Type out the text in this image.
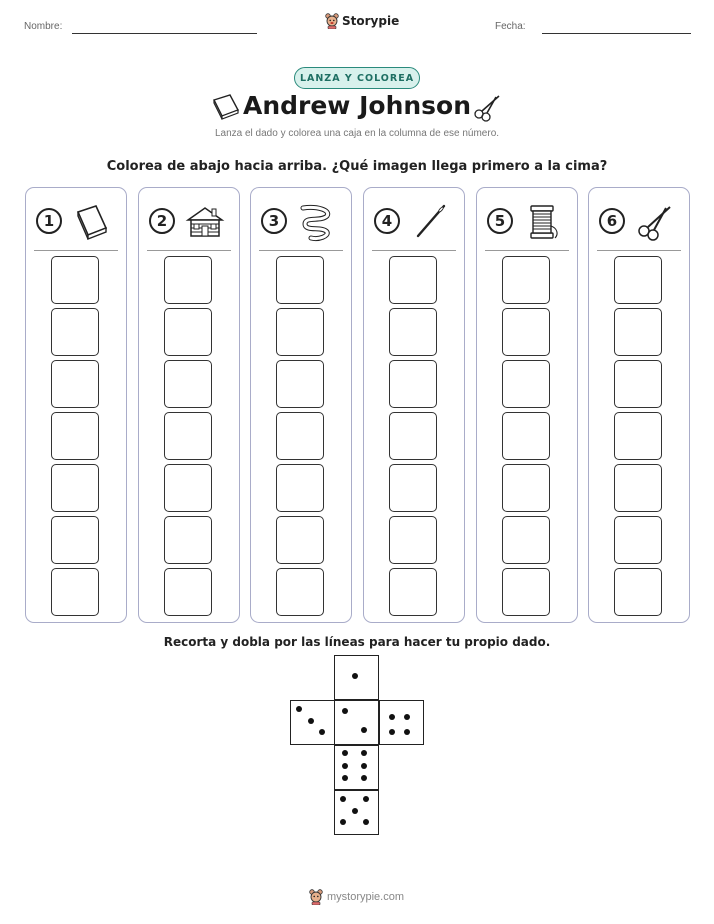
Nombre:	Storypie	Fecha:
LANZA Y COLOREA
Andrew Johnson
Lanza el dado y colorea una caja en la columna de ese número.
Colorea de abajo hacia arriba. ¿Qué imagen llega primero a la cima?
1	2	3	4	5	6
Recorta y dobla por las líneas para hacer tu propio dado.
mystorypie.com
